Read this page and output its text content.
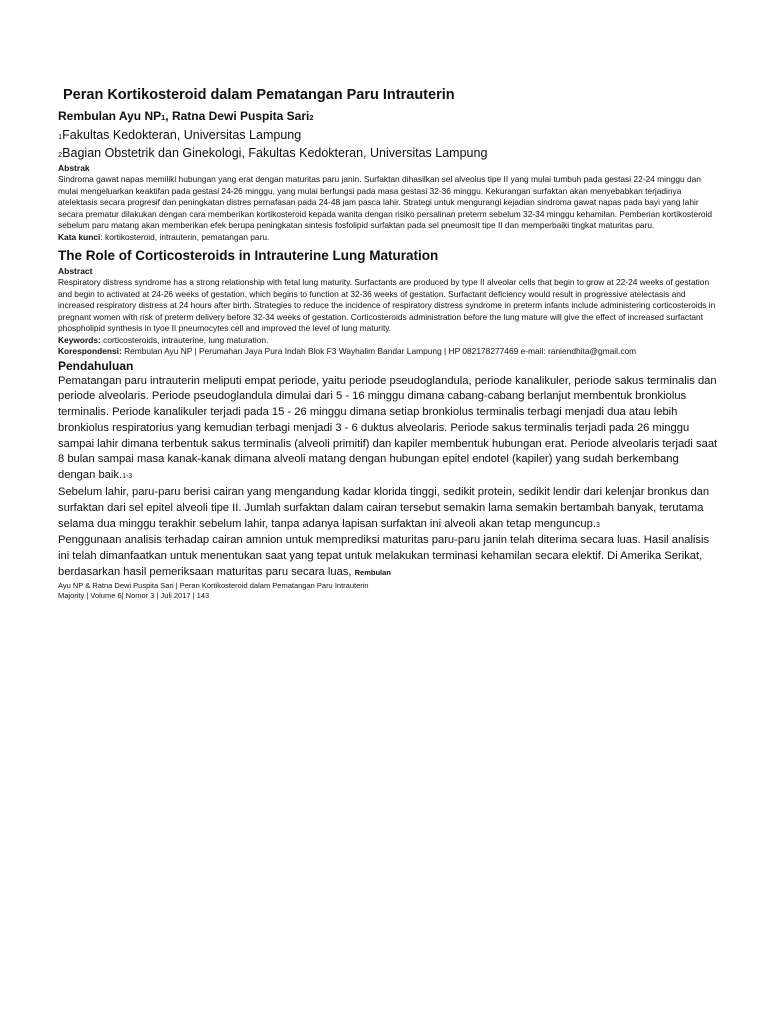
Peran Kortikosteroid dalam Pematangan Paru Intrauterin

Rembulan Ayu NP1, Ratna Dewi Puspita Sari2

1Fakultas Kedokteran, Universitas Lampung

2Bagian Obstetrik dan Ginekologi, Fakultas Kedokteran, Universitas Lampung

Abstrak

Sindroma gawat napas memiliki hubungan yang erat dengan maturitas paru janin. Surfaktan dihasilkan sel alveolus tipe II yang mulai tumbuh pada gestasi 22-24 minggu dan mulai mengeluarkan keaktifan pada gestasi 24-26 minggu, yang mulai berfungsi pada masa gestasi 32-36 minggu. Kekurangan surfaktan akan menyebabkan terjadinya atelektasis secara progresif dan peningkatan distres pernafasan pada 24-48 jam pasca lahir. Strategi untuk mengurangi kejadian sindroma gawat napas pada bayi yang lahir secara prematur dilakukan dengan cara memberikan kortikosteroid kepada wanita dengan risiko persalinan preterm sebelum 32-34 minggu kehamilan. Pemberian kortikosteroid sebelum paru matang akan memberikan efek berupa peningkatan sintesis fosfolipid surfaktan pada sel pneumosit tipe II dan memperbaiki tingkat maturitas paru.

Kata kunci: kortikosteroid, intrauterin, pematangan paru.

The Role of Corticosteroids in Intrauterine Lung Maturation

Abstract

Respiratory distress syndrome has a strong relationship with fetal lung maturity. Surfactants are produced by type II alveolar cells that begin to grow at 22-24 weeks of gestation and begin to activated at 24-26 weeks of gestation, which begins to function at 32-36 weeks of gestation. Surfactant deficiency would result in progressive atelectasis and increased respiratory distress at 24 hours after birth. Strategies to reduce the incidence of respiratory distress syndrome in preterm infants include administering corticosteroids in pregnant women with risk of preterm delivery before 32-34 weeks of gestation. Corticosteroids administration before the lung mature will give the effect of increased surfactant phospholipid synthesis in tyoe II pneumocytes cell and improved the level of lung maturity.

Keywords: corticosteroids, intrauterine, lung maturation.

Korespondensi: Rembulan Ayu NP | Perumahan Jaya Pura Indah Blok F3 Wayhalim Bandar Lampung | HP 082178277469 e-mail: raniendhita@gmail.com

Pendahuluan

Pematangan paru intrauterin meliputi empat periode, yaitu periode pseudoglandula, periode kanalikuler, periode sakus terminalis dan periode alveolaris. Periode pseudoglandula dimulai dari 5 - 16 minggu dimana cabang-cabang berlanjut membentuk bronkiolus terminalis. Periode kanalikuler terjadi pada 15 - 26 minggu dimana setiap bronkiolus terminalis terbagi menjadi dua atau lebih bronkiolus respiratorius yang kemudian terbagi menjadi 3 - 6 duktus alveolaris. Periode sakus terminalis terjadi pada 26 minggu sampai lahir dimana terbentuk sakus terminalis (alveoli primitif) dan kapiler membentuk hubungan erat. Periode alveolaris terjadi saat 8 bulan sampai masa kanak-kanak dimana alveoli matang dengan hubungan epitel endotel (kapiler) yang sudah berkembang dengan baik.1-3

Sebelum lahir, paru-paru berisi cairan yang mengandung kadar klorida tinggi, sedikit protein, sedikit lendir dari kelenjar bronkus dan surfaktan dari sel epitel alveoli tipe II. Jumlah surfaktan dalam cairan tersebut semakin lama semakin bertambah banyak, terutama selama dua minggu terakhir sebelum lahir, tanpa adanya lapisan surfaktan ini alveoli akan tetap menguncup.3

Penggunaan analisis terhadap cairan amnion untuk memprediksi maturitas paru-paru janin telah diterima secara luas. Hasil analisis ini telah dimanfaatkan untuk menentukan saat yang tepat untuk melakukan terminasi kehamilan secara elektif. Di Amerika Serikat, berdasarkan hasil pemeriksaan maturitas paru secara luas, Rembulan

Ayu NP & Ratna Dewi Puspita Sari | Peran Kortikosteroid dalam Pematangan Paru Intrauterin

Majority | Volume 6| Nomor 3 | Juli 2017 | 143
